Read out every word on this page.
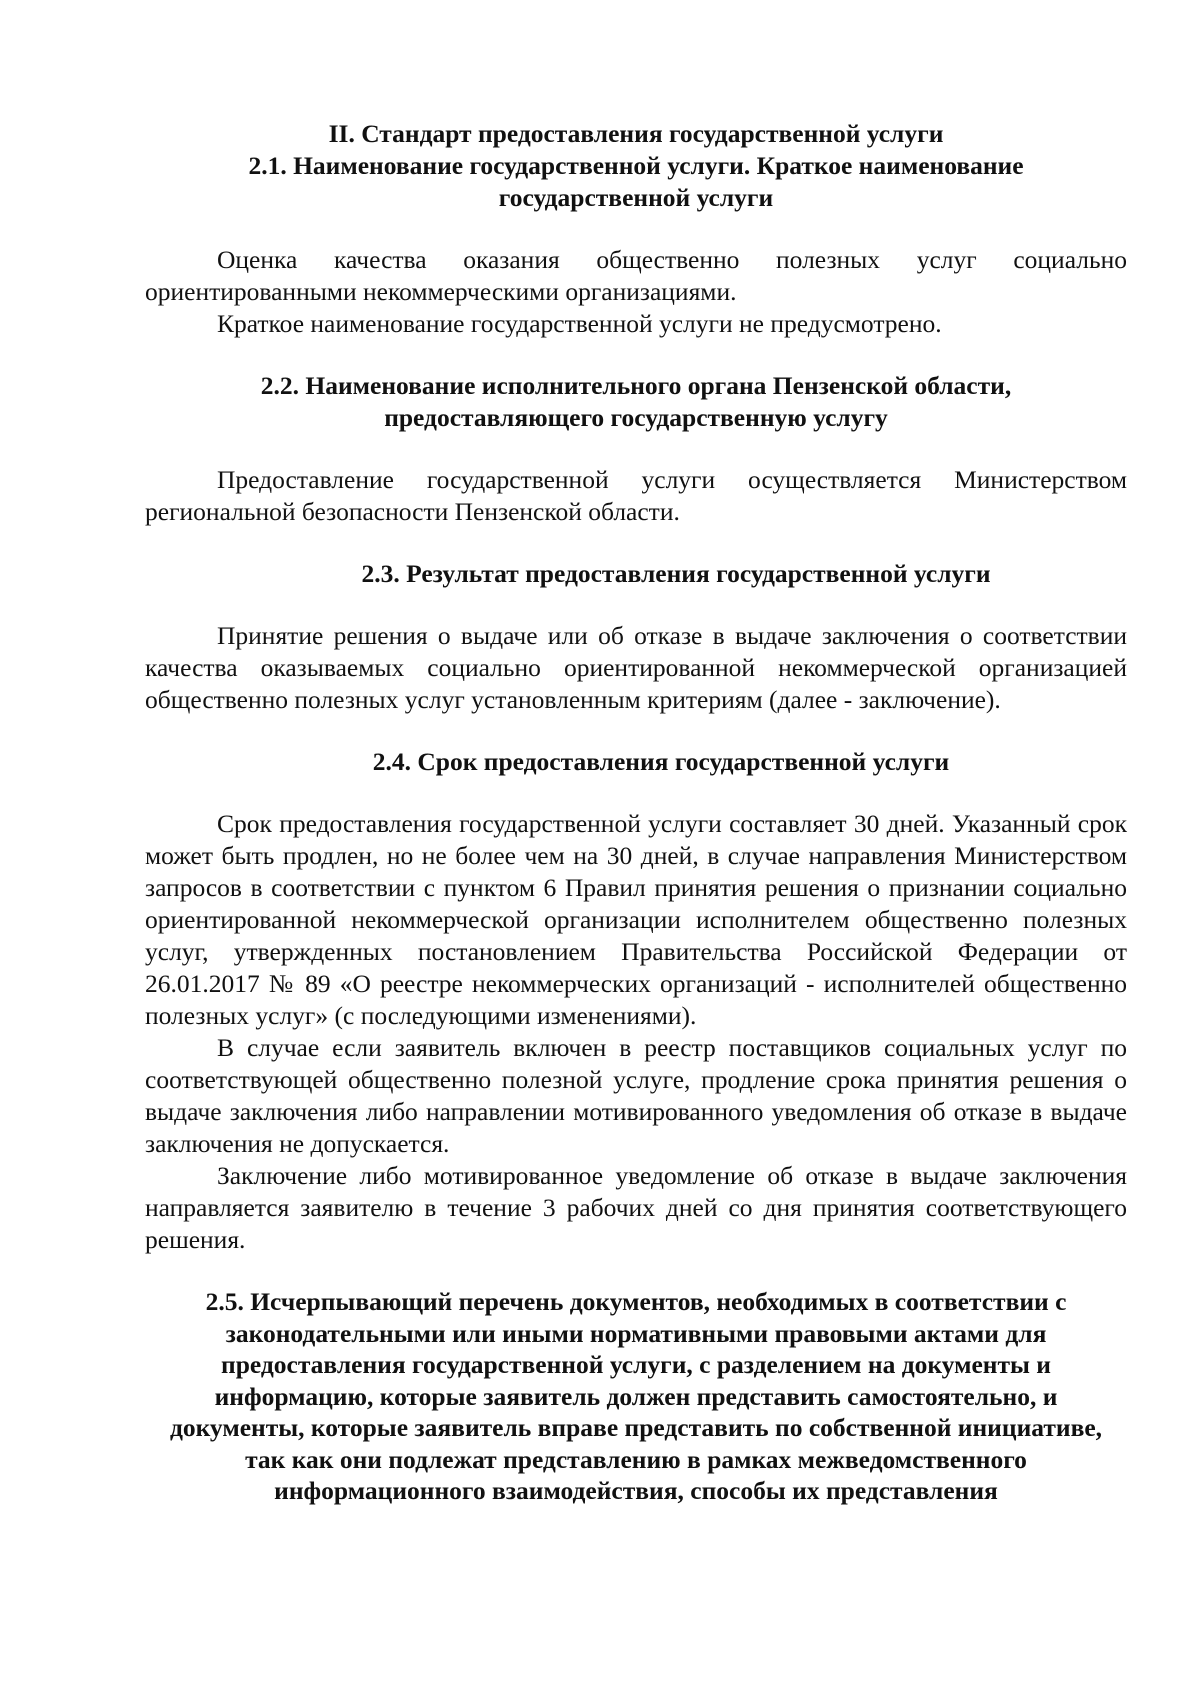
II. Стандарт предоставления государственной услуги
2.1. Наименование государственной услуги. Краткое наименование государственной услуги

Оценка качества оказания общественно полезных услуг социально ориентированными некоммерческими организациями.

Краткое наименование государственной услуги не предусмотрено.

2.2. Наименование исполнительного органа Пензенской области, предоставляющего государственную услугу

Предоставление государственной услуги осуществляется Министерством региональной безопасности Пензенской области.

2.3. Результат предоставления государственной услуги

Принятие решения о выдаче или об отказе в выдаче заключения о соответствии качества оказываемых социально ориентированной некоммерческой организацией общественно полезных услуг установленным критериям (далее - заключение).

2.4. Срок предоставления государственной услуги

Срок предоставления государственной услуги составляет 30 дней. Указанный срок может быть продлен, но не более чем на 30 дней, в случае направления Министерством запросов в соответствии с пунктом 6 Правил принятия решения о признании социально ориентированной некоммерческой организации исполнителем общественно полезных услуг, утвержденных постановлением Правительства Российской Федерации от 26.01.2017 № 89 «О реестре некоммерческих организаций - исполнителей общественно полезных услуг» (с последующими изменениями).

В случае если заявитель включен в реестр поставщиков социальных услуг по соответствующей общественно полезной услуге, продление срока принятия решения о выдаче заключения либо направлении мотивированного уведомления об отказе в выдаче заключения не допускается.

Заключение либо мотивированное уведомление об отказе в выдаче заключения направляется заявителю в течение 3 рабочих дней со дня принятия соответствующего решения.

2.5. Исчерпывающий перечень документов, необходимых в соответствии с законодательными или иными нормативными правовыми актами для предоставления государственной услуги, с разделением на документы и информацию, которые заявитель должен представить самостоятельно, и документы, которые заявитель вправе представить по собственной инициативе, так как они подлежат представлению в рамках межведомственного информационного взаимодействия, способы их представления
